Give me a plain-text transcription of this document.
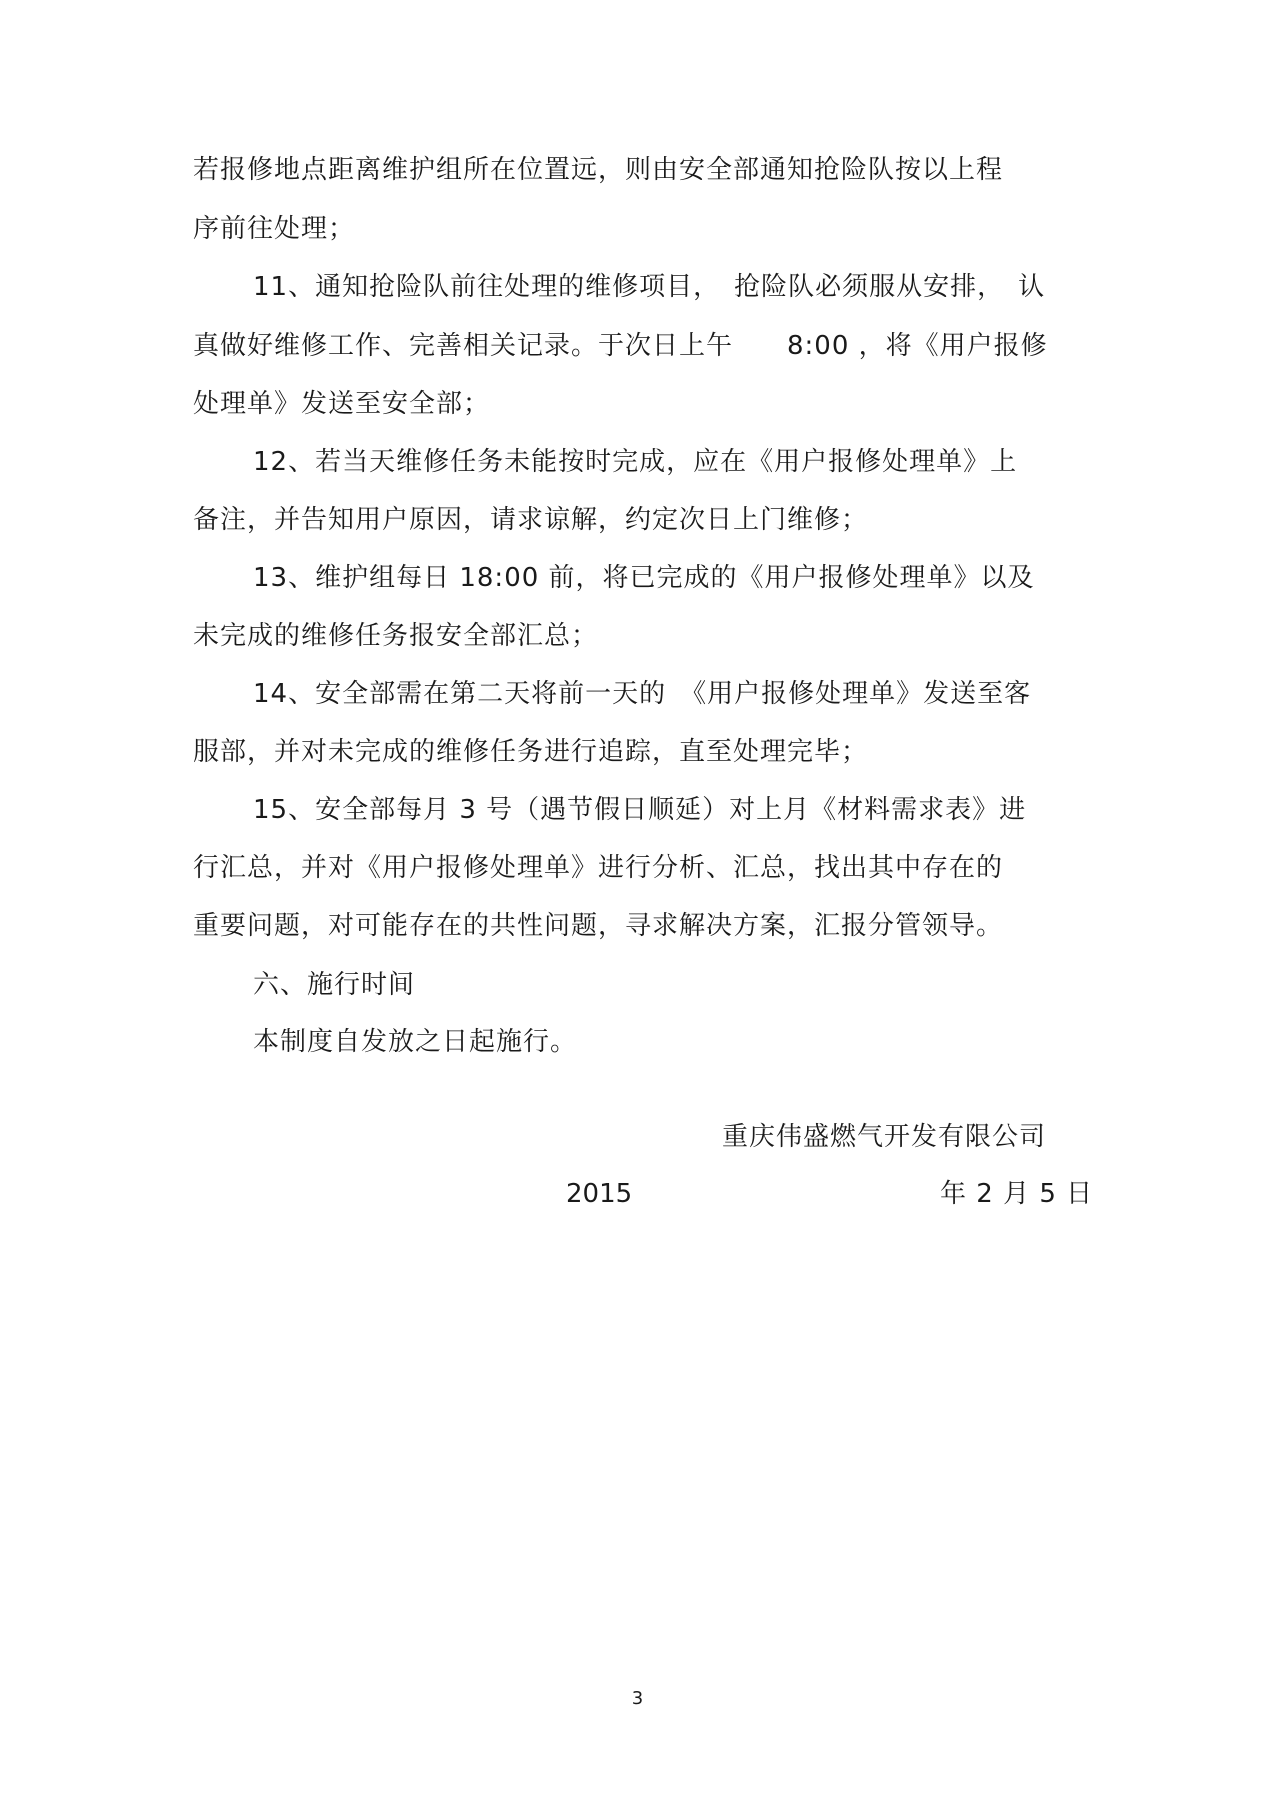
若报修地点距离维护组所在位置远，则由安全部通知抢险队按以上程
序前往处理；
11、通知抢险队前往处理的维修项目，　抢险队必须服从安排，　认
真做好维修工作、完善相关记录。于次日上午　　8:00 ，将《用户报修
处理单》发送至安全部；
12、若当天维修任务未能按时完成，应在《用户报修处理单》上
备注，并告知用户原因，请求谅解，约定次日上门维修；
13、维护组每日 18:00 前，将已完成的《用户报修处理单》以及
未完成的维修任务报安全部汇总；
14、安全部需在第二天将前一天的　《用户报修处理单》发送至客
服部，并对未完成的维修任务进行追踪，直至处理完毕；
15、安全部每月 3 号（遇节假日顺延）对上月《材料需求表》进
行汇总，并对《用户报修处理单》进行分析、汇总，找出其中存在的
重要问题，对可能存在的共性问题，寻求解决方案，汇报分管领导。
六、施行时间
本制度自发放之日起施行。
重庆伟盛燃气开发有限公司
2015	年 2 月 5 日
3
